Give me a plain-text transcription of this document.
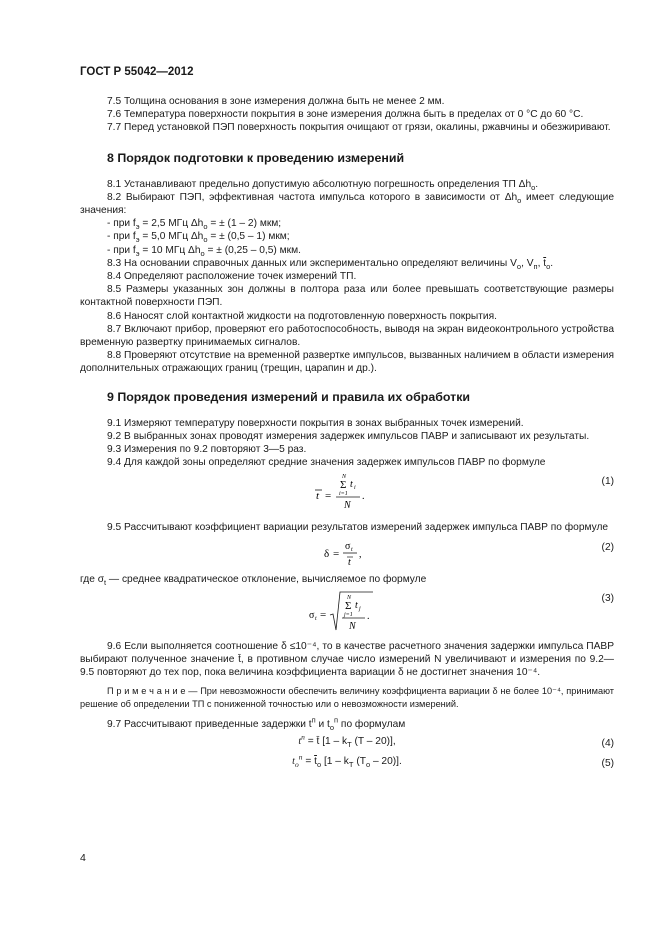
ГОСТ Р 55042—2012

7.5 Толщина основания в зоне измерения должна быть не менее 2 мм.

7.6 Температура поверхности покрытия в зоне измерения должна быть в пределах от 0 °С до 60 °С.

7.7 Перед установкой ПЭП поверхность покрытия очищают от грязи, окалины, ржавчины и обезжиривают.

8 Порядок подготовки к проведению измерений

8.1 Устанавливают предельно допустимую абсолютную погрешность определения ТП $\Delta h_о$.

8.2 Выбирают ПЭП, эффективная частота импульса которого в зависимости от $\Delta h_о$ имеет следующие значения:

- при $f_э = 2,5$ МГц $\Delta h_о$ = ± (1 – 2) мкм;

- при $f_э = 5,0$ МГц $\Delta h_о$ = ± (0,5 – 1) мкм;

- при $f_э = 10$ МГц $\Delta h_о$ = ± (0,25 – 0,5) мкм.

8.3 На основании справочных данных или экспериментально определяют величины $V_о$, $V_п$, $\overline{t}_о$.

8.4 Определяют расположение точек измерений ТП.

8.5 Размеры указанных зон должны в полтора раза или более превышать соответствующие размеры контактной поверхности ПЭП.

8.6 Наносят слой контактной жидкости на подготовленную поверхность покрытия.

8.7 Включают прибор, проверяют его работоспособность, выводя на экран видеоконтрольного устройства временную развертку принимаемых сигналов.

8.8 Проверяют отсутствие на временной развертке импульсов, вызванных наличием в области измерения дополнительных отражающих границ (трещин, царапин и др.).

9 Порядок проведения измерений и правила их обработки

9.1 Измеряют температуру поверхности покрытия в зонах выбранных точек измерений.

9.2 В выбранных зонах проводят измерения задержек импульсов ПАВР и записывают их результаты.

9.3 Измерения по 9.2 повторяют 3—5 раз.

9.4 Для каждой зоны определяют средние значения задержек импульсов ПАВР по формуле

t =
N
Σ t i
i=1
N
.
(1)

9.5 Рассчитывают коэффициент вариации результатов измерений задержек импульса ПАВР по формуле

δ =
σ t
t
,
(2)

где $\sigma_t$ — среднее квадратическое отклонение, вычисляемое по формуле

σ t =
N
Σ t j
j=1
N
.
(3)

9.6 Если выполняется соотношение δ ≤10⁻⁴, то в качестве расчетного значения задержки импульса ПАВР выбирают полученное значение t̄, в противном случае число измерений N увеличивают и измерения по 9.2—9.5 повторяют до тех пор, пока величина коэффициента вариации δ не достигнет значения 10⁻⁴.

П р и м е ч а н и е — При невозможности обеспечить величину коэффициента вариации δ не более 10⁻⁴, принимают решение об определении ТП с пониженной точностью или о невозможности измерений.

9.7 Рассчитывают приведенные задержки $t^п$ и $t_о^п$ по формулам

$t^п$ = t̄ [$1 - k_T$ (T – 20)],	(4)
$t_о^п = \overline{t}_о$ [$1 - k_T$ $(T_о - 20)$].	(5)
4
